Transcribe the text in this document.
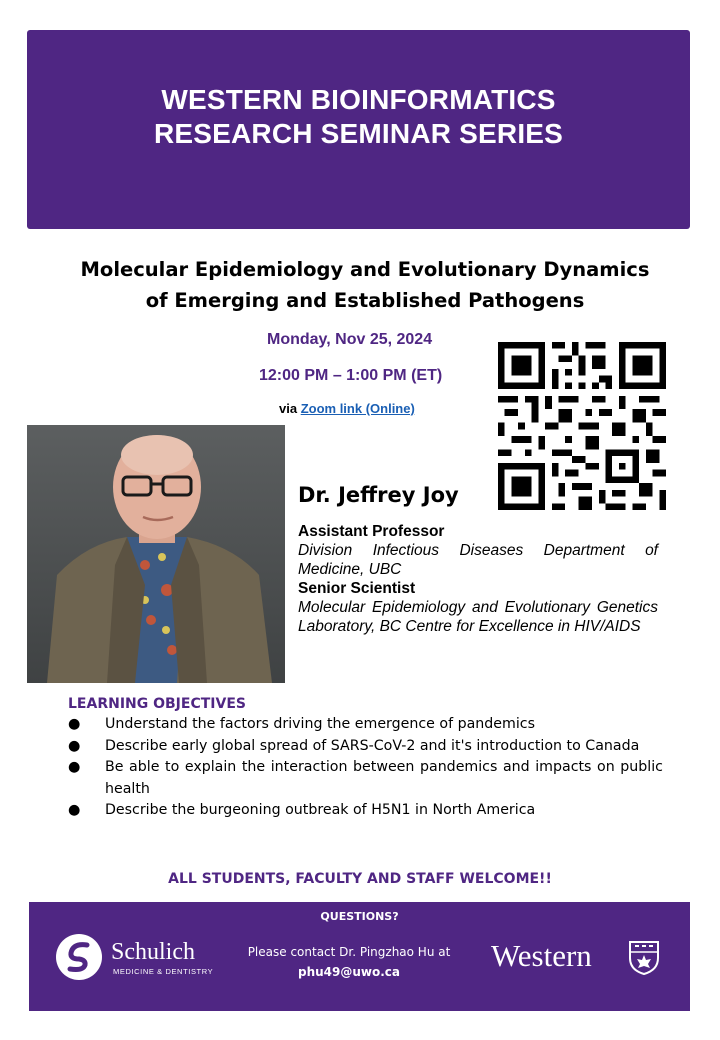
WESTERN BIOINFORMATICS
RESEARCH SEMINAR SERIES
Molecular Epidemiology and Evolutionary Dynamics
of Emerging and Established Pathogens
Monday, Nov 25, 2024
12:00 PM – 1:00 PM (ET)
via Zoom link (Online)
Dr. Jeffrey Joy
Assistant Professor
Division Infectious Diseases Department of Medicine, UBC
Senior Scientist
Molecular Epidemiology and Evolutionary Genetics Laboratory, BC Centre for Excellence in HIV/AIDS
LEARNING OBJECTIVES
● Understand the factors driving the emergence of pandemics
● Describe early global spread of SARS-CoV-2 and it's introduction to Canada
● Be able to explain the interaction between pandemics and impacts on public health
● Describe the burgeoning outbreak of H5N1 in North America
ALL STUDENTS, FACULTY AND STAFF WELCOME!!
QUESTIONS?
Schulich
MEDICINE & DENTISTRY
Please contact Dr. Pingzhao Hu at
phu49@uwo.ca	Western
